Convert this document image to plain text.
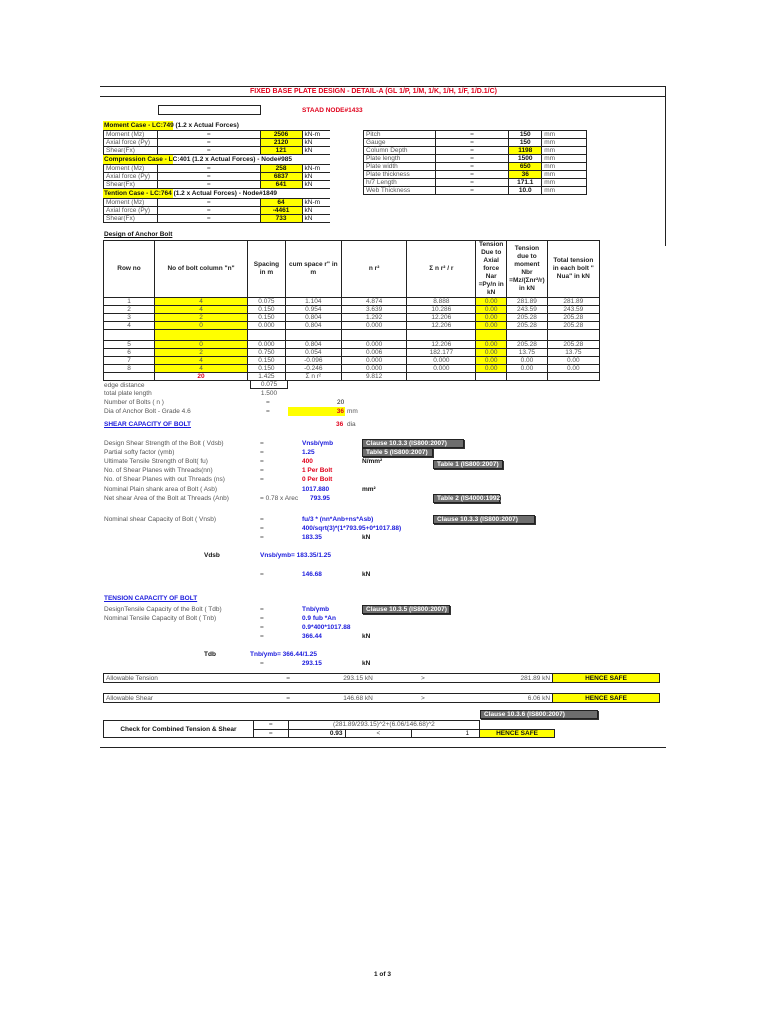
FIXED BASE PLATE DESIGN - DETAIL-A (GL 1/P, 1/M, 1/K, 1/H, 1/F, 1/D.1/C)
STAAD NODE#1433
Moment Case - LC:749 (1.2 x Actual Forces)
Moment (Mz)	=	2506	kN-m
Axial force (Py)	=	2120	kN
Shear(Fx)	=	121	kN
Compression Case - LC:401 (1.2 x Actual Forces) - Node#985
Moment (Mz)	=	258	kN-m
Axial force (Py)	=	6837	kN
Shear(Fx)	=	641	kN
Tention Case - LC:764 (1.2 x Actual Forces) - Node#1849
Moment (Mz)	=	64	kN-m
Axial force (Py)	=	-4461	kN
Shear(Fx)	=	733	kN
Pitch	=	150	mm
Gauge	=	150	mm
Column Depth	=	1198	mm
Plate length	=	1500	mm
Plate width	=	650	mm
Plate thickness	=	36	mm
h/7 Length	=	171.1	mm
Web Thickness	=	10.0	mm
Design of Anchor Bolt
Row no	No of bolt column "n"	Spacing in m	cum space r" in m	n r²	Σ n r² / r	Tension Due to Axial force Nar =Py/n in kN	Tension due to moment Nbr =Mz/(Σnr²/r) in kN	Total tension in each bolt " Nua" in kN
1	4	0.075	1.104	4.874	8.888	0.00	281.89	281.89
2	4	0.150	0.954	3.639	10.286	0.00	243.59	243.59
3	2	0.150	0.804	1.292	12.206	0.00	205.28	205.28
4	0	0.000	0.804	0.000	12.206	0.00	205.28	205.28

5	0	0.000	0.804	0.000	12.206	0.00	205.28	205.28
6	2	0.750	0.054	0.006	182.177	0.00	13.75	13.75
7	4	0.150	-0.096	0.000	0.000	0.00	0.00	0.00
8	4	0.150	-0.246	0.000	0.000	0.00	0.00	0.00
	20	1.425	Σ n r²	9.812				
edge distance	0.075
total plate length	1.500
Number of Bolts ( n )	=	20
Dia of Anchor Bolt - Grade 4.6	=	36 mm
SHEAR CAPACITY OF BOLT	36 dia
Design Shear Strength of the Bolt ( Vdsb)	=	Vnsb/γmb	Clause 10.3.3 (IS800:2007)
Partial softy factor (γmb)	=	1.25	Table 5 (IS800:2007)
Ultimate Tensile Strength of Bolt( fu)	=	400	N/mm²	Table 1 (IS800:2007)
No. of Shear Planes with Threads(nn)	=	1 Per Bolt
No. of Shear Planes with out Threads (ns)	=	0 Per Bolt
Nominal Plain shank area of Bolt ( Asb)	1017.880	mm²
Net shear Area of the Bolt at Threads (Anb)	= 0.78 x Arec 793.95	Table 2 (IS4000:1992)
Nominal shear Capacity of Bolt ( Vnsb)	Clause 10.3.3 (IS800:2007)
=	fu/3 * (nn*Anb+ns*Asb)
=	400/sqrt(3)*(1*793.95+0*1017.88)
=	183.35	kN
Vdsb	Vnsb/ymb= 183.35/1.25
=	146.68	kN
TENSION CAPACITY OF BOLT
DesignTensile Capacity of the Bolt ( Tdb)	=	Tnb/γmb	Clause 10.3.5 (IS800:2007)
Nominal Tensile Capacity of Bolt ( Tnb)	=	0.9 fub *An
=	0.9*400*1017.88
=	366.44	kN
Tdb	Tnb/ymb= 366.44/1.25
=	293.15	kN
Allowable Tension	=	293.15 kN	>	281.89 kN	HENCE SAFE
Allowable Shear	=	146.68 kN	>	6.06 kN	HENCE SAFE
Clause 10.3.6 (IS800:2007)
Check for Combined Tension & Shear	=	(281.89/293.15)^2+(6.06/146.68)^2			
	=	0.93	<	1	HENCE SAFE
1 of 3
